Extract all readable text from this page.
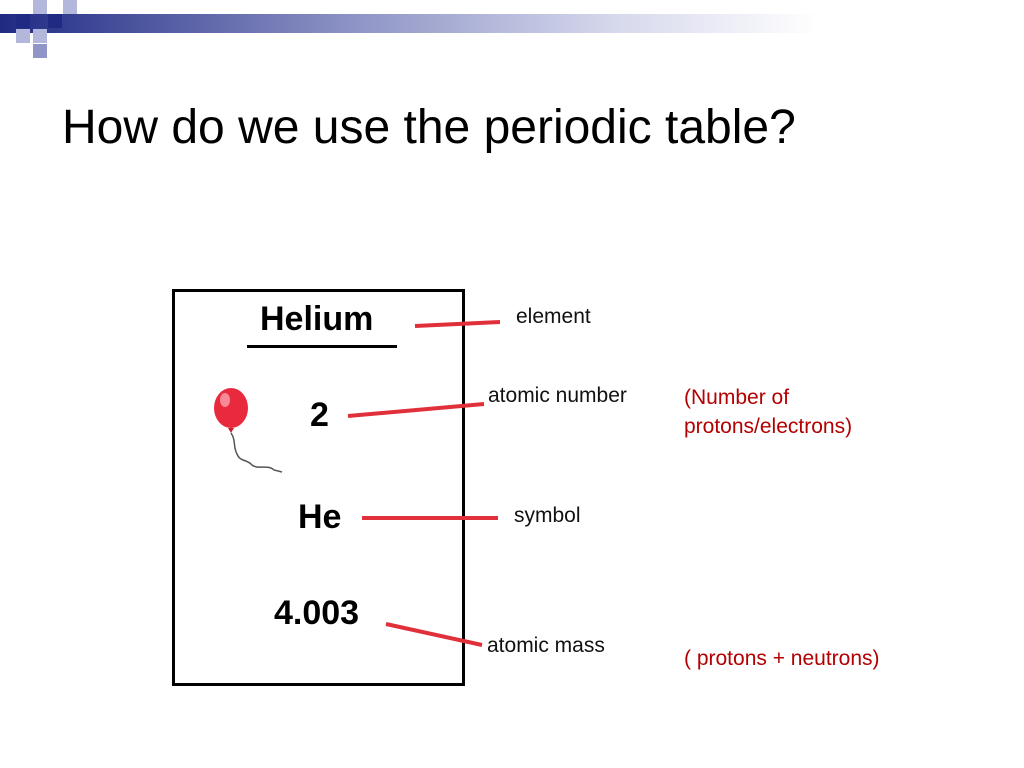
How do we use the periodic table?
Helium
2
He
4.003
element
atomic number
symbol
atomic mass
(Number of
protons/electrons)
( protons + neutrons)
